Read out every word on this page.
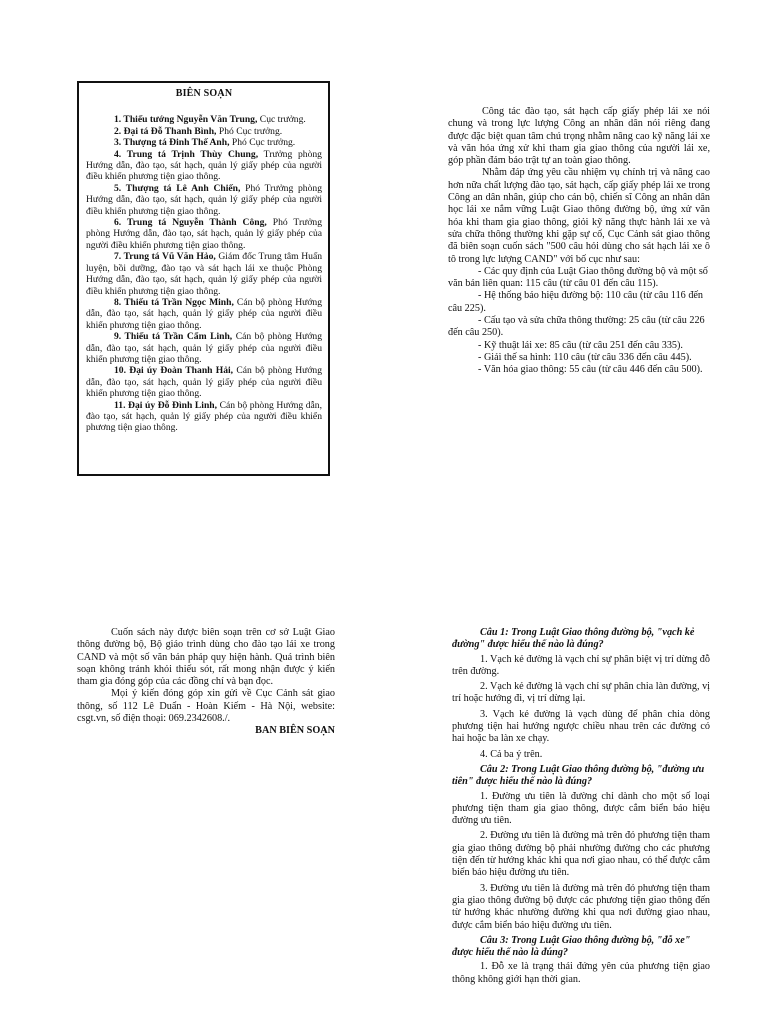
BIÊN SOẠN

1. Thiếu tướng Nguyễn Văn Trung, Cục trưởng.

2. Đại tá Đỗ Thanh Bình, Phó Cục trưởng.

3. Thượng tá Đinh Thế Anh, Phó Cục trưởng.

4. Trung tá Trịnh Thùy Chung, Trưởng phòng Hướng dẫn, đào tạo, sát hạch, quản lý giấy phép của người điều khiển phương tiện giao thông.

5. Thượng tá Lê Anh Chiến, Phó Trưởng phòng Hướng dẫn, đào tạo, sát hạch, quản lý giấy phép của người điều khiển phương tiện giao thông.

6. Trung tá Nguyễn Thành Công, Phó Trưởng phòng Hướng dẫn, đào tạo, sát hạch, quản lý giấy phép của người điều khiển phương tiện giao thông.

7. Trung tá Vũ Văn Hảo, Giám đốc Trung tâm Huấn luyện, bồi dưỡng, đào tạo và sát hạch lái xe thuộc Phòng Hướng dẫn, đào tạo, sát hạch, quản lý giấy phép của người điều khiển phương tiện giao thông.

8. Thiếu tá Trần Ngọc Minh, Cán bộ phòng Hướng dẫn, đào tạo, sát hạch, quản lý giấy phép của người điều khiển phương tiện giao thông.

9. Thiếu tá Trần Cẩm Linh, Cán bộ phòng Hướng dẫn, đào tạo, sát hạch, quản lý giấy phép của người điều khiển phương tiện giao thông.

10. Đại úy Đoàn Thanh Hải, Cán bộ phòng Hướng dẫn, đào tạo, sát hạch, quản lý giấy phép của người điều khiển phương tiện giao thông.

11. Đại úy Đỗ Đình Linh, Cán bộ phòng Hướng dẫn, đào tạo, sát hạch, quản lý giấy phép của người điều khiển phương tiện giao thông.

Công tác đào tạo, sát hạch cấp giấy phép lái xe nói chung và trong lực lượng Công an nhân dân nói riêng đang được đặc biệt quan tâm chú trọng nhằm nâng cao kỹ năng lái xe và văn hóa ứng xử khi tham gia giao thông của người lái xe, góp phần đảm bảo trật tự an toàn giao thông.

Nhằm đáp ứng yêu cầu nhiệm vụ chính trị và nâng cao hơn nữa chất lượng đào tạo, sát hạch, cấp giấy phép lái xe trong Công an dân nhân, giúp cho cán bộ, chiến sĩ Công an nhân dân học lái xe nắm vững Luật Giao thông đường bộ, ứng xử văn hóa khi tham gia giao thông, giỏi kỹ năng thực hành lái xe và sửa chữa thông thường khi gặp sự cố, Cục Cảnh sát giao thông đã biên soạn cuốn sách "500 câu hỏi dùng cho sát hạch lái xe ô tô trong lực lượng CAND" với bố cục như sau:

- Các quy định của Luật Giao thông đường bộ và một số văn bản liên quan: 115 câu (từ câu 01 đến câu 115).

- Hệ thống báo hiệu đường bộ: 110 câu (từ câu 116 đến câu 225).

- Cấu tạo và sửa chữa thông thường: 25 câu (từ câu 226 đến câu 250).

- Kỹ thuật lái xe: 85 câu (từ câu 251 đến câu 335).

- Giải thế sa hình: 110 câu (từ câu 336 đến câu 445).

- Văn hóa giao thông: 55 câu (từ câu 446 đến câu 500).

Cuốn sách này được biên soạn trên cơ sở Luật Giao thông đường bộ, Bộ giáo trình dùng cho đào tạo lái xe trong CAND và một số văn bản pháp quy hiện hành. Quá trình biên soạn không tránh khỏi thiếu sót, rất mong nhận được ý kiến tham gia đóng góp của các đồng chí và bạn đọc.

Mọi ý kiến đóng góp xin gửi về Cục Cảnh sát giao thông, số 112 Lê Duẩn - Hoàn Kiếm - Hà Nội, website: csgt.vn, số điện thoại: 069.2342608./.

BAN BIÊN SOẠN

Câu 1: Trong Luật Giao thông đường bộ, "vạch kẻ đường" được hiểu thế nào là đúng?

1. Vạch kẻ đường là vạch chỉ sự phân biệt vị trí dừng đỗ trên đường.

2. Vạch kẻ đường là vạch chỉ sự phân chia làn đường, vị trí hoặc hướng đi, vị trí dừng lại.

3. Vạch kẻ đường là vạch dùng để phân chia dòng phương tiện hai hướng ngược chiều nhau trên các đường có hai hoặc ba làn xe chạy.

4. Cả ba ý trên.

Câu 2: Trong Luật Giao thông đường bộ, "đường ưu tiên" được hiểu thế nào là đúng?

1. Đường ưu tiên là đường chỉ dành cho một số loại phương tiện tham gia giao thông, được cắm biển báo hiệu đường ưu tiên.

2. Đường ưu tiên là đường mà trên đó phương tiện tham gia giao thông đường bộ phải nhường đường cho các phương tiện đến từ hướng khác khi qua nơi giao nhau, có thể được cắm biển báo hiệu đường ưu tiên.

3. Đường ưu tiên là đường mà trên đó phương tiện tham gia giao thông đường bộ được các phương tiện giao thông đến từ hướng khác nhường đường khi qua nơi đường giao nhau, được cắm biển báo hiệu đường ưu tiên.

Câu 3: Trong Luật Giao thông đường bộ, "đỗ xe" được hiểu thế nào là đúng?

1. Đỗ xe là trạng thái đứng yên của phương tiện giao thông không giới hạn thời gian.
